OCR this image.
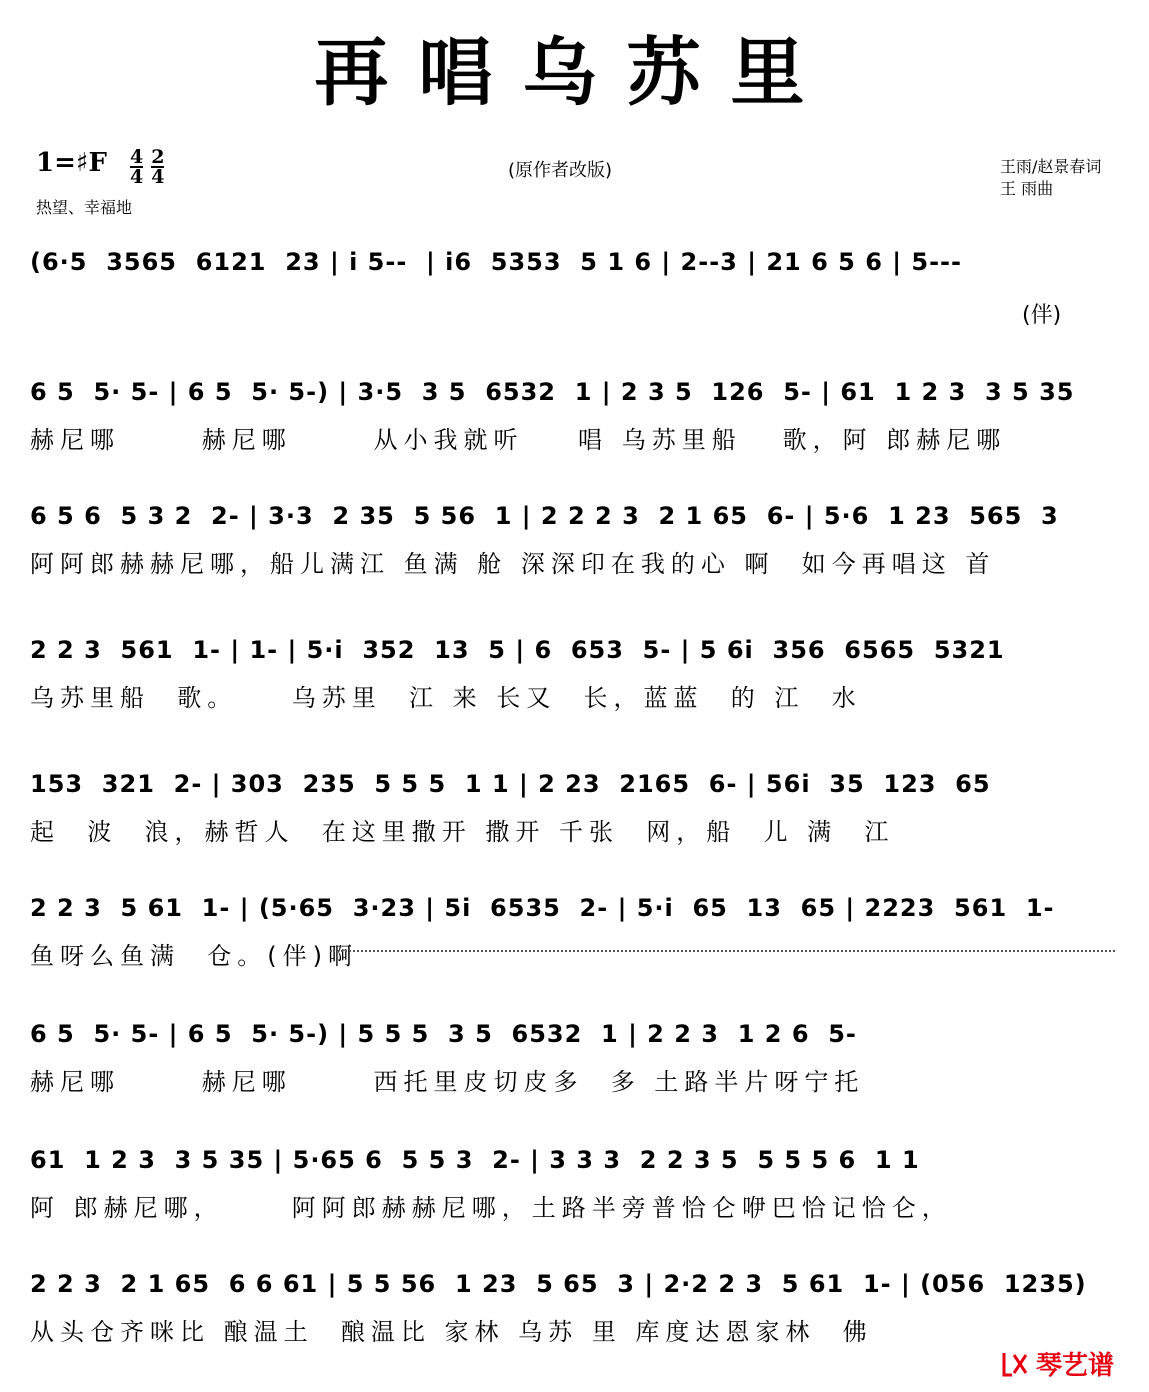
再唱乌苏里
1=♯F $\frac{4}{4} \frac{2}{4}$
热望、幸福地
(原作者改版)	王雨/赵景春词
王 雨曲
(伴)
(6·5  3565  6121  23 | i 5--  | i6  5353  5 1 6 | 2--3 | 21 6 5 6 | 5---
6 5  5· 5- | 6 5  5· 5-) | 3·5  3 5  6532  1 | 2 3 5  126  5- | 61  1 2 3  3 5 35
赫尼哪      赫尼哪      从小我就听    唱 乌苏里船   歌，阿 郎赫尼哪
6 5 6  5 3 2  2- | 3·3  2 35  5 56  1 | 2 2 2 3  2 1 65  6- | 5·6  1 23  565  3
阿阿郎赫赫尼哪，船儿满江 鱼满 舱 深深印在我的心 啊  如今再唱这 首
2 2 3  561  1- | 1- | 5·i  352  13  5 | 6  653  5- | 5 6i  356  6565  5321
乌苏里船  歌。    乌苏里  江 来 长又  长，蓝蓝  的 江  水
153  321  2- | 303  235  5 5 5  1 1 | 2 23  2165  6- | 56i  35  123  65
起  波  浪，赫哲人  在这里撒开 撒开 千张  网，船  儿 满  江
2 2 3  5 61  1- | (5·65  3·23 | 5i  6535  2- | 5·i  65  13  65 | 2223  561  1-
鱼呀么鱼满  仓。(伴)啊
6 5  5· 5- | 6 5  5· 5-) | 5 5 5  3 5  6532  1 | 2 2 3  1 2 6  5-
赫尼哪      赫尼哪      西托里皮切皮多  多 土路半片呀宁托
61  1 2 3  3 5 35 | 5·65 6  5 5 3  2- | 3 3 3  2 2 3 5  5 5 5 6  1 1
阿 郎赫尼哪，     阿阿郎赫赫尼哪，土路半旁普恰仑咿巴恰记恰仑，
2 2 3  2 1 65  6 6 61 | 5 5 56  1 23  5 65  3 | 2·2 2 3  5 61  1- | (056  1235)
从头仓齐咪比 酿温土  酿温比 家林 乌苏 里 库度达恩家林  佛
琴艺谱
